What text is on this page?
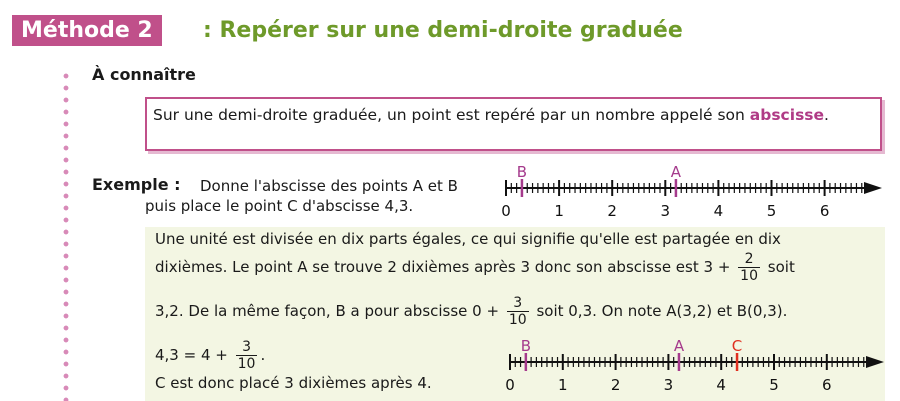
Méthode 2	: Repérer sur une demi-droite graduée
À connaître

Sur une demi-droite graduée, un point est repéré par un nombre appelé son abscisse.

Exemple : Donne l'abscisse des points A et B
puis place le point C d'abscisse 4,3.	0	1	2	3	4	5	6
B	A
Une unité est divisée en dix parts égales, ce qui signifie qu'elle est partagée en dix
dixièmes. Le point A se trouve 2 dixièmes après 3 donc son abscisse est $3 + \frac{2}{10}$ soit
3,2. De la même façon, B a pour abscisse $0 + \frac{3}{10}$ soit 0,3. On note A(3,2) et B(0,3).
$4,3 = 4 + \frac{3}{10}$ .
C est donc placé 3 dixièmes après 4.	0	1	2	3	4	5	6
B	A	C
